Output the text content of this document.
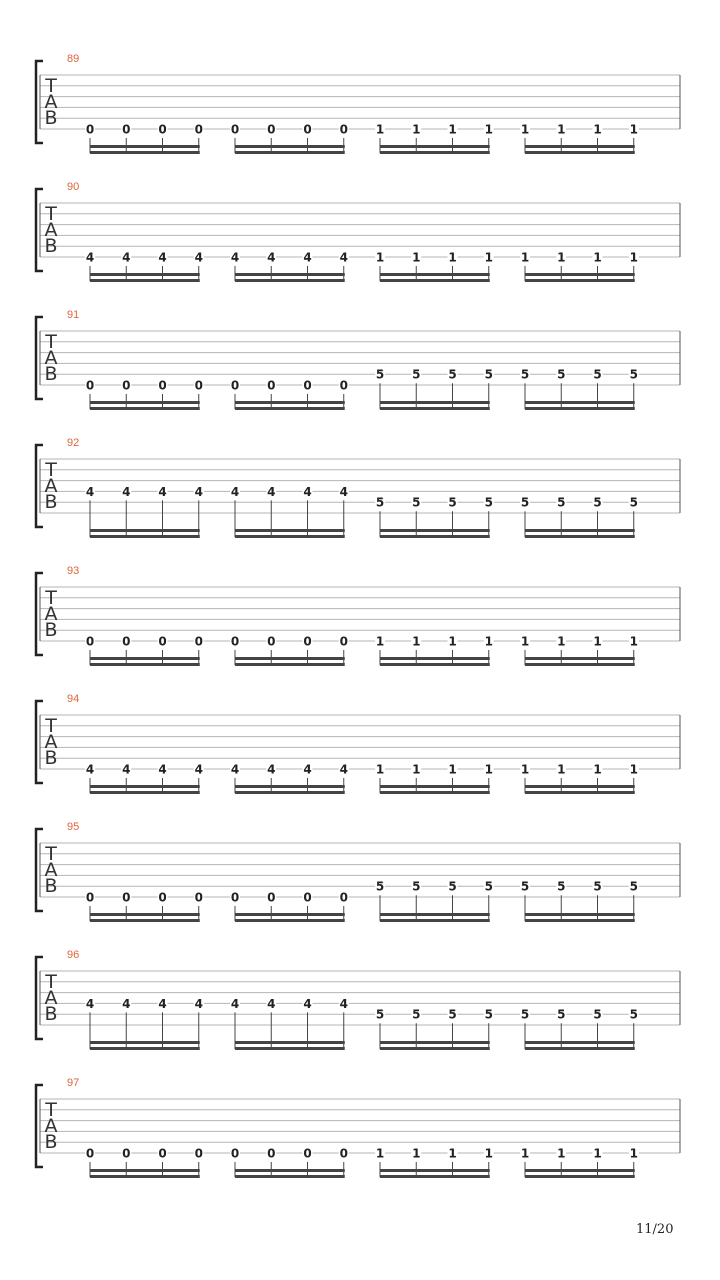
89
T
A
B
0 0 0 0 0 0 0 0 1 1 1 1 1 1 1 1
90
T
A
B
4 4 4 4 4 4 4 4 1 1 1 1 1 1 1 1
91
T
A
B
0 0 0 0 0 0 0 0
5 5 5 5 5 5 5 5
92
T
A
B 4 4 4 4 4 4 4 4
5 5 5 5 5 5 5 5
93
T
A
B
0 0 0 0 0 0 0 0 1 1 1 1 1 1 1 1
94
T
A
B
4 4 4 4 4 4 4 4 1 1 1 1 1 1 1 1
95
T
A
B
0 0 0 0 0 0 0 0
5 5 5 5 5 5 5 5
96
T
A
B 4 4 4 4 4 4 4 4
5 5 5 5 5 5 5 5
97
T
A
B
0 0 0 0 0 0 0 0 1 1 1 1 1 1 1 1
11/20
